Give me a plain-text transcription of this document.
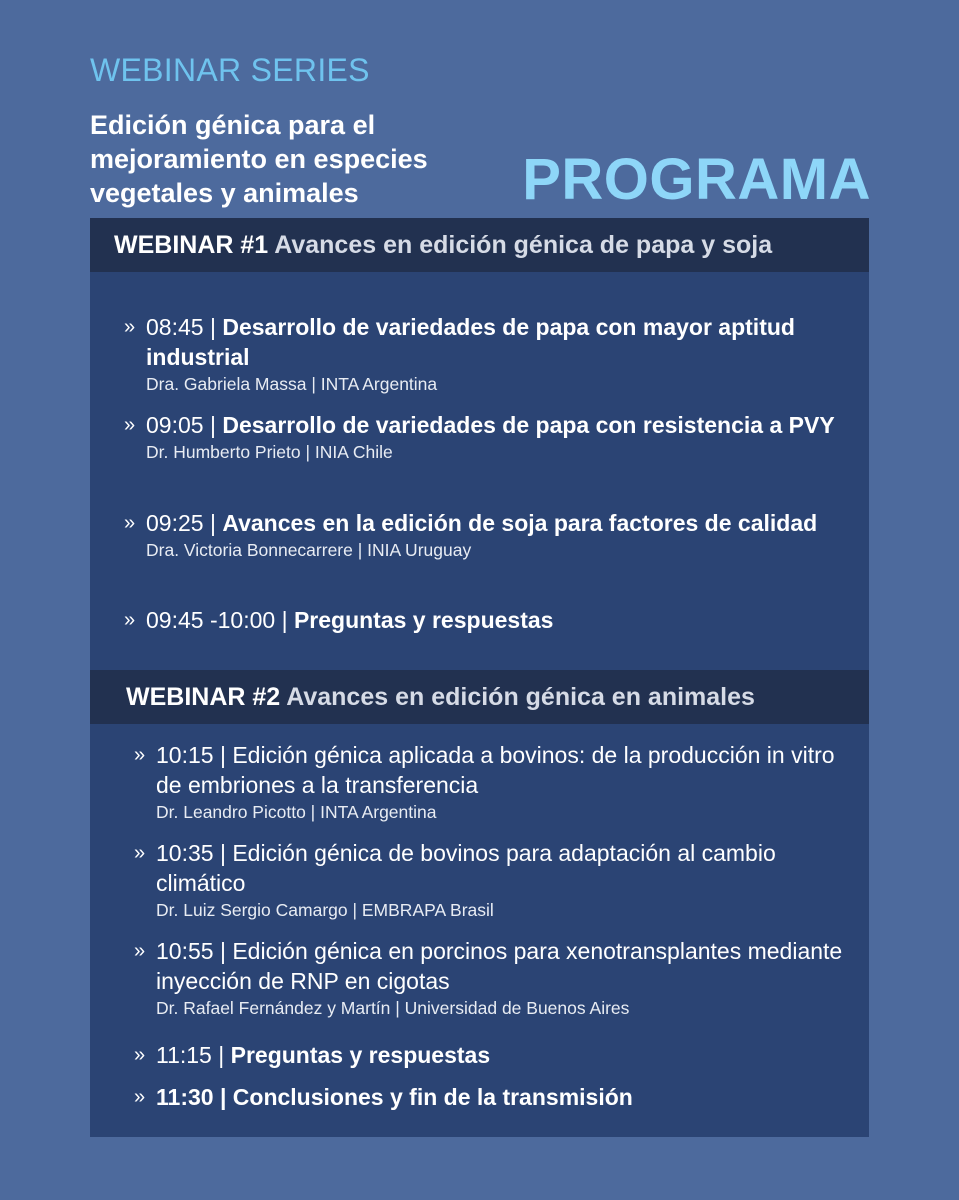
WEBINAR SERIES
Edición génica para el
mejoramiento en especies
vegetales y animales	PROGRAMA
WEBINAR #1 Avances en edición génica de papa y soja
» 08:45 | Desarrollo de variedades de papa con mayor aptitud industrial
Dra. Gabriela Massa | INTA Argentina
» 09:05 | Desarrollo de variedades de papa con resistencia a PVY
Dr. Humberto Prieto | INIA Chile
» 09:25 | Avances en la edición de soja para factores de calidad
Dra. Victoria Bonnecarrere | INIA Uruguay
» 09:45 -10:00 | Preguntas y respuestas
WEBINAR #2 Avances en edición génica en animales
» 10:15 | Edición génica aplicada a bovinos: de la producción in vitro de embriones a la transferencia
Dr. Leandro Picotto | INTA Argentina
» 10:35 | Edición génica de bovinos para adaptación al cambio climático
Dr. Luiz Sergio Camargo | EMBRAPA Brasil
» 10:55 | Edición génica en porcinos para xenotransplantes mediante inyección de RNP en cigotas
Dr. Rafael Fernández y Martín | Universidad de Buenos Aires
» 11:15 | Preguntas y respuestas
» 11:30 | Conclusiones y fin de la transmisión
